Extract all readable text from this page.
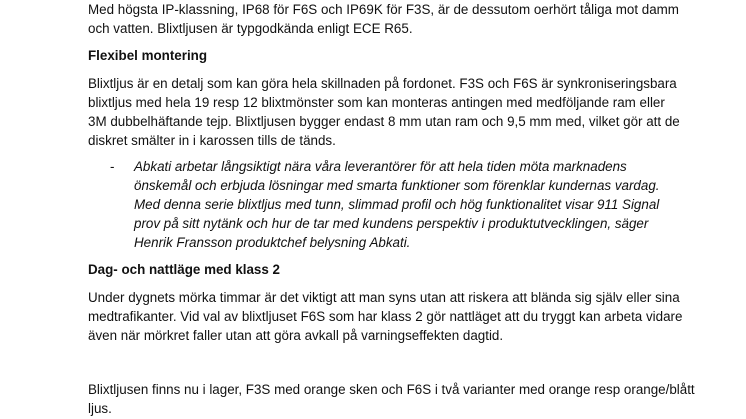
Med högsta IP-klassning, IP68 för F6S och IP69K för F3S, är de dessutom oerhört tåliga mot damm
och vatten. Blixtljusen är typgodkända enligt ECE R65.
Flexibel montering
Blixtljus är en detalj som kan göra hela skillnaden på fordonet. F3S och F6S är synkroniseringsbara
blixtljus med hela 19 resp 12 blixtmönster som kan monteras antingen med medföljande ram eller
3M dubbelhäftande tejp. Blixtljusen bygger endast 8 mm utan ram och 9,5 mm med, vilket gör att de
diskret smälter in i karossen tills de tänds.
- Abkati arbetar långsiktigt nära våra leverantörer för att hela tiden möta marknadens
önskemål och erbjuda lösningar med smarta funktioner som förenklar kundernas vardag.
Med denna serie blixtljus med tunn, slimmad profil och hög funktionalitet visar 911 Signal
prov på sitt nytänk och hur de tar med kundens perspektiv i produktutvecklingen, säger
Henrik Fransson produktchef belysning Abkati.
Dag- och nattläge med klass 2
Under dygnets mörka timmar är det viktigt att man syns utan att riskera att blända sig själv eller sina
medtrafikanter. Vid val av blixtljuset F6S som har klass 2 gör nattläget att du tryggt kan arbeta vidare
även när mörkret faller utan att göra avkall på varningseffekten dagtid.
Blixtljusen finns nu i lager, F3S med orange sken och F6S i två varianter med orange resp orange/blått
ljus.
